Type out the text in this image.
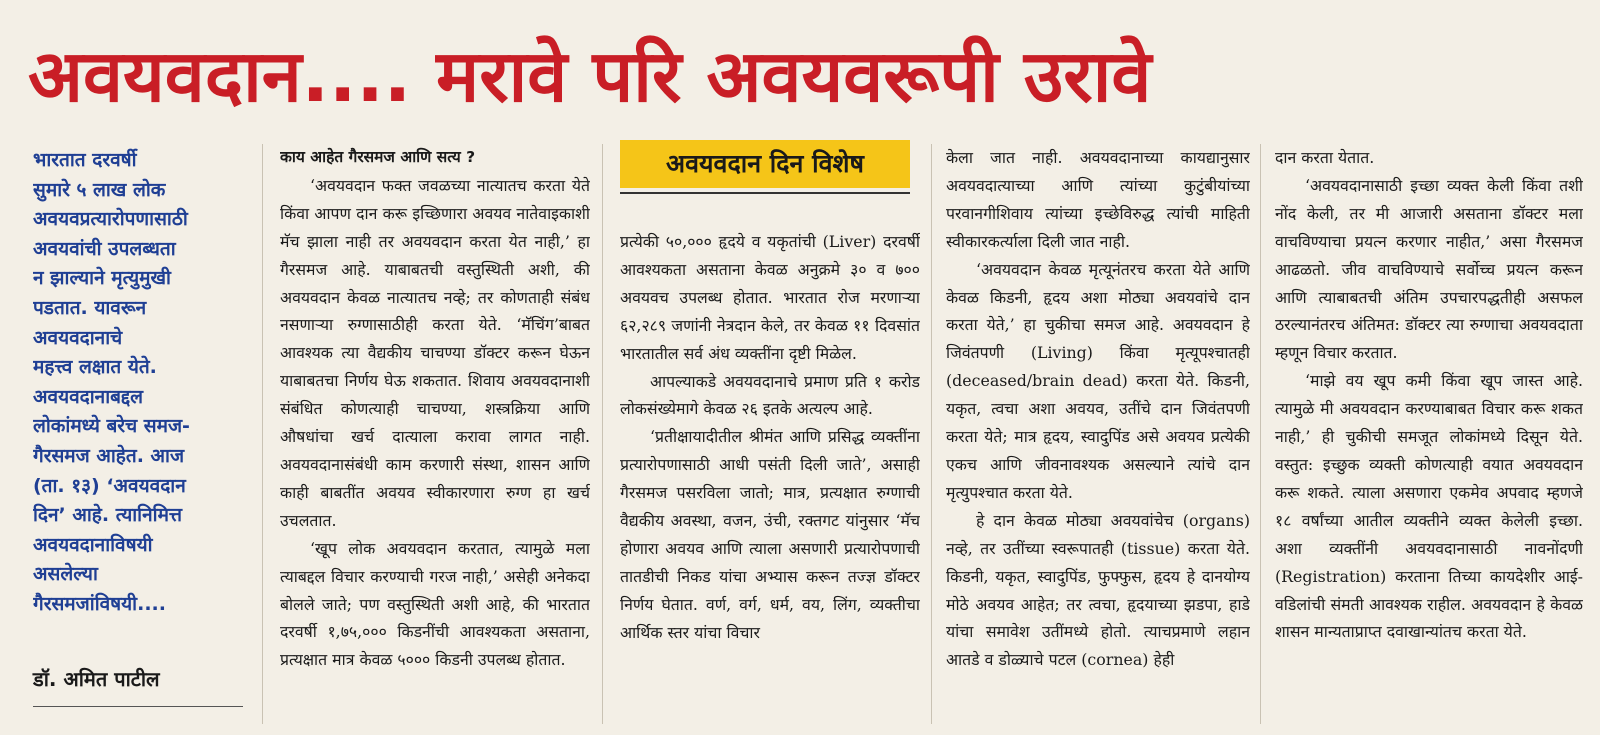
अवयवदान.... मरावे परि अवयवरूपी उरावे
भारतात दरवर्षी
सुमारे ५ लाख लोक
अवयवप्रत्यारोपणासाठी
अवयवांची उपलब्धता
न झाल्याने मृत्युमुखी
पडतात. यावरून
अवयवदानाचे
महत्त्व लक्षात येते.
अवयवदानाबद्दल
लोकांमध्ये बरेच समज-
गैरसमज आहेत. आज
(ता. १३) ‘अवयवदान
दिन’ आहे. त्यानिमित्त
अवयवदानाविषयी
असलेल्या
गैरसमजांविषयी....
डॉ. अमित पाटील

काय आहेत गैरसमज आणि सत्य ?

‘अवयवदान फक्त जवळच्या नात्यातच करता येते किंवा आपण दान करू इच्छिणारा अवयव नातेवाइकाशी मॅच झाला नाही तर अवयवदान करता येत नाही,’ हा गैरसमज आहे. याबाबतची वस्तुस्थिती अशी, की अवयवदान केवळ नात्यातच नव्हे; तर कोणताही संबंध नसणाऱ्या रुग्णासाठीही करता येते. ‘मॅचिंग’बाबत आवश्यक त्या वैद्यकीय चाचण्या डॉक्टर करून घेऊन याबाबतचा निर्णय घेऊ शकतात. शिवाय अवयवदानाशी संबंधित कोणत्याही चाचण्या, शस्त्रक्रिया आणि औषधांचा खर्च दात्याला करावा लागत नाही. अवयवदानासंबंधी काम करणारी संस्था, शासन आणि काही बाबतींत अवयव स्वीकारणारा रुग्ण हा खर्च उचलतात.

‘खूप लोक अवयवदान करतात, त्यामुळे मला त्याबद्दल विचार करण्याची गरज नाही,’ असेही अनेकदा बोलले जाते; पण वस्तुस्थिती अशी आहे, की भारतात दरवर्षी १,७५,००० किडनींची आवश्यकता असताना, प्रत्यक्षात मात्र केवळ ५००० किडनी उपलब्ध होतात.

अवयवदान दिन विशेष

प्रत्येकी ५०,००० हृदये व यकृतांची (Liver) दरवर्षी आवश्यकता असताना केवळ अनुक्रमे ३० व ७०० अवयवच उपलब्ध होतात. भारतात रोज मरणाऱ्या ६२,२८९ जणांनी नेत्रदान केले, तर केवळ ११ दिवसांत भारतातील सर्व अंध व्यक्तींना दृष्टी मिळेल.

आपल्याकडे अवयवदानाचे प्रमाण प्रति १ करोड लोकसंख्येमागे केवळ २६ इतके अत्यल्प आहे.

‘प्रतीक्षायादीतील श्रीमंत आणि प्रसिद्ध व्यक्तींना प्रत्यारोपणासाठी आधी पसंती दिली जाते’, असाही गैरसमज पसरविला जातो; मात्र, प्रत्यक्षात रुग्णाची वैद्यकीय अवस्था, वजन, उंची, रक्तगट यांनुसार ‘मॅच होणारा अवयव आणि त्याला असणारी प्रत्यारोपणाची तातडीची निकड यांचा अभ्यास करून तज्ज्ञ डॉक्टर निर्णय घेतात. वर्ण, वर्ग, धर्म, वय, लिंग, व्यक्तीचा आर्थिक स्तर यांचा विचार

केला जात नाही. अवयवदानाच्या कायद्यानुसार अवयवदात्याच्या आणि त्यांच्या कुटुंबीयांच्या परवानगीशिवाय त्यांच्या इच्छेविरुद्ध त्यांची माहिती स्वीकारकर्त्याला दिली जात नाही.

‘अवयवदान केवळ मृत्यूनंतरच करता येते आणि केवळ किडनी, हृदय अशा मोठ्या अवयवांचे दान करता येते,’ हा चुकीचा समज आहे. अवयवदान हे जिवंतपणी (Living) किंवा मृत्यूपश्चातही (deceased/brain dead) करता येते. किडनी, यकृत, त्वचा अशा अवयव, उतींचे दान जिवंतपणी करता येते; मात्र हृदय, स्वादुपिंड असे अवयव प्रत्येकी एकच आणि जीवनावश्यक असल्याने त्यांचे दान मृत्युपश्चात करता येते.

हे दान केवळ मोठ्या अवयवांचेच (organs) नव्हे, तर उतींच्या स्वरूपातही (tissue) करता येते. किडनी, यकृत, स्वादुपिंड, फुफ्फुस, हृदय हे दानयोग्य मोठे अवयव आहेत; तर त्वचा, हृदयाच्या झडपा, हाडे यांचा समावेश उतींमध्ये होतो. त्याचप्रमाणे लहान आतडे व डोळ्याचे पटल (cornea) हेही

दान करता येतात.

‘अवयवदानासाठी इच्छा व्यक्त केली किंवा तशी नोंद केली, तर मी आजारी असताना डॉक्टर मला वाचविण्याचा प्रयत्न करणार नाहीत,’ असा गैरसमज आढळतो. जीव वाचविण्याचे सर्वोच्च प्रयत्न करून आणि त्याबाबतची अंतिम उपचारपद्धतीही असफल ठरल्यानंतरच अंतिमत: डॉक्टर त्या रुग्णाचा अवयवदाता म्हणून विचार करतात.

‘माझे वय खूप कमी किंवा खूप जास्त आहे. त्यामुळे मी अवयवदान करण्याबाबत विचार करू शकत नाही,’ ही चुकीची समजूत लोकांमध्ये दिसून येते. वस्तुत: इच्छुक व्यक्ती कोणत्याही वयात अवयवदान करू शकते. त्याला असणारा एकमेव अपवाद म्हणजे १८ वर्षांच्या आतील व्यक्तीने व्यक्त केलेली इच्छा. अशा व्यक्तींनी अवयवदानासाठी नावनोंदणी (Registration) करताना तिच्या कायदेशीर आई-वडिलांची संमती आवश्यक राहील. अवयवदान हे केवळ शासन मान्यताप्राप्त दवाखान्यांतच करता येते.
